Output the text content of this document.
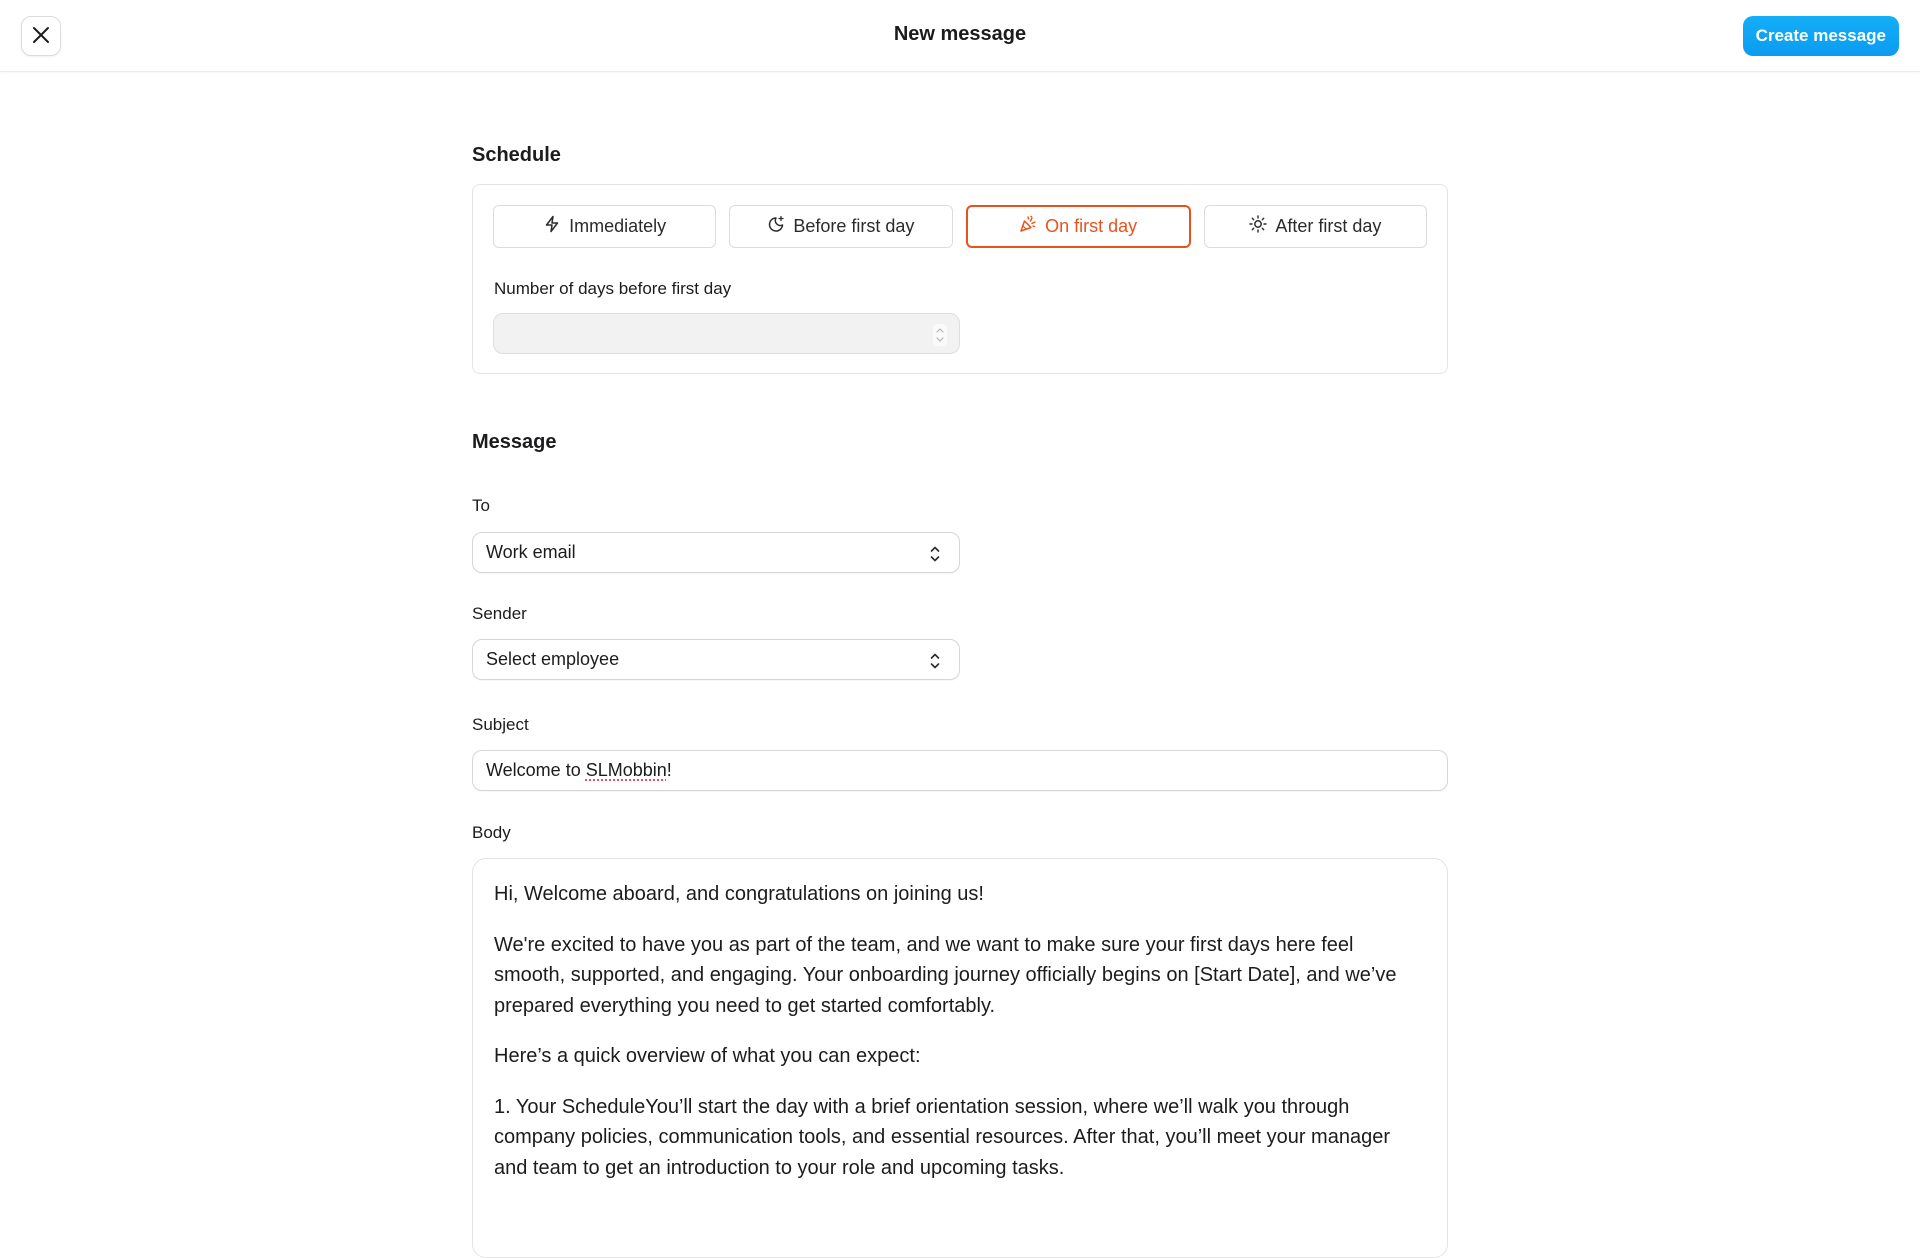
New message	Create message
Schedule
Immediately	Before first day	On first day	After first day
Number of days before first day
Message
To
Work email
Sender
Select employee
Subject
Welcome to SLMobbin!
Body

Hi, Welcome aboard, and congratulations on joining us!

We're excited to have you as part of the team, and we want to make sure your first days here feel smooth, supported, and engaging. Your onboarding journey officially begins on [Start Date], and we’ve prepared everything you need to get started comfortably.

Here’s a quick overview of what you can expect:

1. Your ScheduleYou’ll start the day with a brief orientation session, where we’ll walk you through company policies, communication tools, and essential resources. After that, you’ll meet your manager and team to get an introduction to your role and upcoming tasks.
